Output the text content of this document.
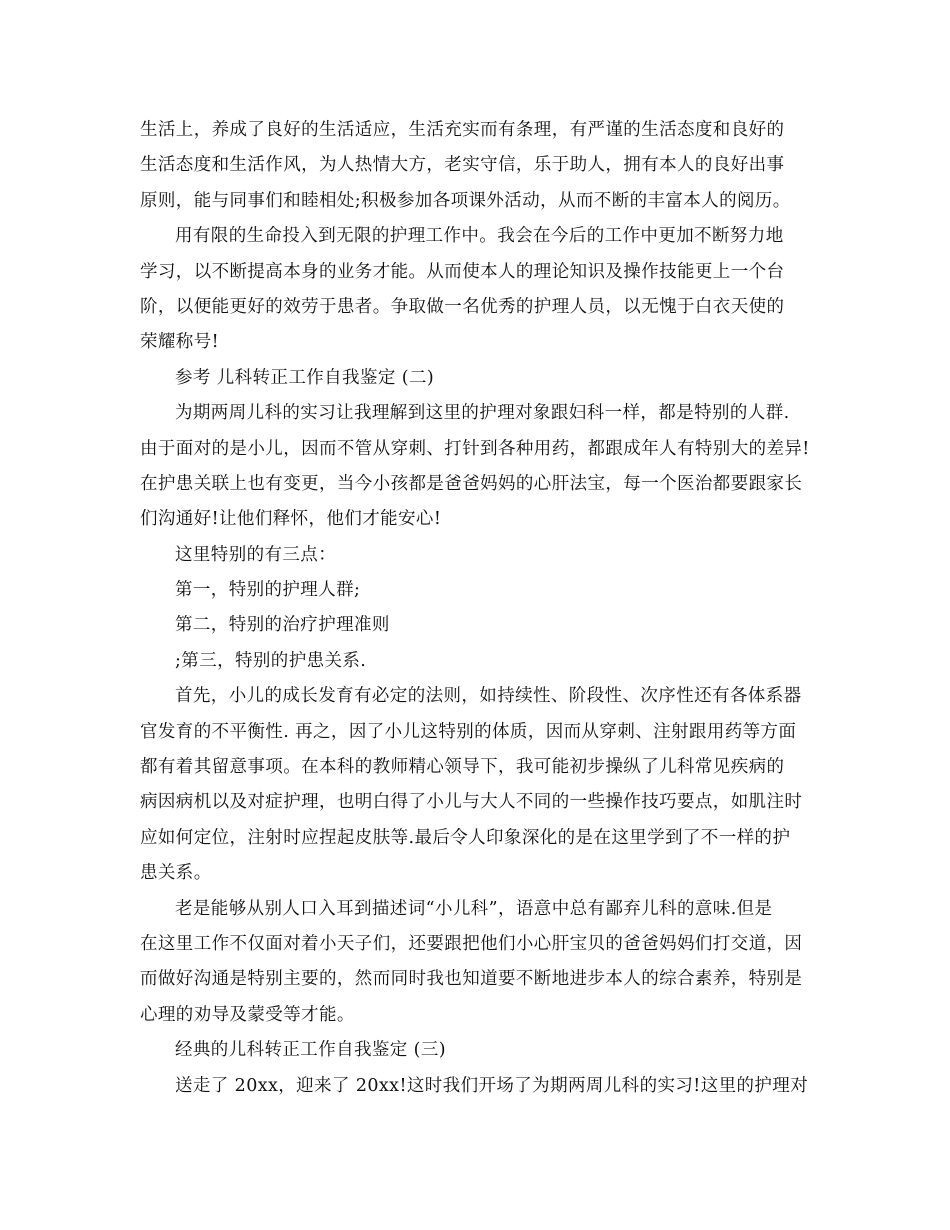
生活上，养成了良好的生活适应，生活充实而有条理，有严谨的生活态度和良好的
生活态度和生活作风，为人热情大方，老实守信，乐于助人，拥有本人的良好出事
原则，能与同事们和睦相处;积极参加各项课外活动，从而不断的丰富本人的阅历。
用有限的生命投入到无限的护理工作中。我会在今后的工作中更加不断努力地
学习，以不断提高本身的业务才能。从而使本人的理论知识及操作技能更上一个台
阶，以便能更好的效劳于患者。争取做一名优秀的护理人员，以无愧于白衣天使的
荣耀称号!
参考 儿科转正工作自我鉴定 (二)
为期两周儿科的实习让我理解到这里的护理对象跟妇科一样，都是特别的人群.
由于面对的是小儿，因而不管从穿刺、打针到各种用药，都跟成年人有特别大的差异!
在护患关联上也有变更，当今小孩都是爸爸妈妈的心肝法宝，每一个医治都要跟家长
们沟通好!让他们释怀，他们才能安心!
这里特别的有三点：
第一，特别的护理人群;
第二，特别的治疗护理准则
;第三，特别的护患关系.
首先，小儿的成长发育有必定的法则，如持续性、阶段性、次序性还有各体系器
官发育的不平衡性. 再之，因了小儿这特别的体质，因而从穿刺、注射跟用药等方面
都有着其留意事项。在本科的教师精心领导下，我可能初步操纵了儿科常见疾病的
病因病机以及对症护理，也明白得了小儿与大人不同的一些操作技巧要点，如肌注时
应如何定位，注射时应捏起皮肤等.最后令人印象深化的是在这里学到了不一样的护
患关系。
老是能够从别人口入耳到描述词“小儿科”，语意中总有鄙弃儿科的意味.但是
在这里工作不仅面对着小天子们，还要跟把他们小心肝宝贝的爸爸妈妈们打交道，因
而做好沟通是特别主要的，然而同时我也知道要不断地进步本人的综合素养，特别是
心理的劝导及蒙受等才能。
经典的儿科转正工作自我鉴定 (三)
送走了 20xx，迎来了 20xx!这时我们开场了为期两周儿科的实习!这里的护理对
